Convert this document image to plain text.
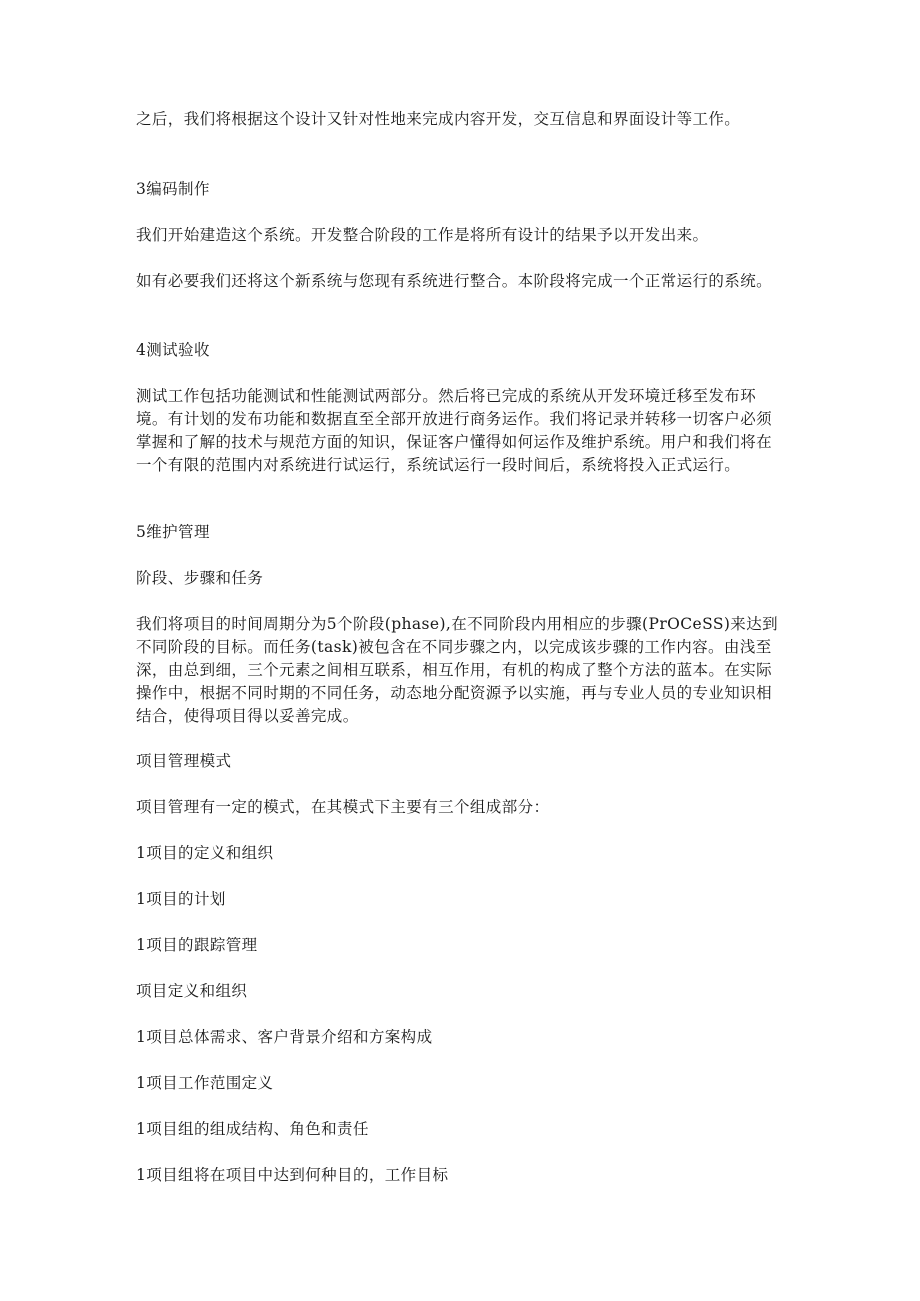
之后，我们将根据这个设计又针对性地来完成内容开发，交互信息和界面设计等工作。

3编码制作

我们开始建造这个系统。开发整合阶段的工作是将所有设计的结果予以开发出来。

如有必要我们还将这个新系统与您现有系统进行整合。本阶段将完成一个正常运行的系统。

4测试验收

测试工作包括功能测试和性能测试两部分。然后将已完成的系统从开发环境迁移至发布环境。有计划的发布功能和数据直至全部开放进行商务运作。我们将记录并转移一切客户必须掌握和了解的技术与规范方面的知识，保证客户懂得如何运作及维护系统。用户和我们将在一个有限的范围内对系统进行试运行，系统试运行一段时间后，系统将投入正式运行。

5维护管理

阶段、步骤和任务

我们将项目的时间周期分为5个阶段(phase),在不同阶段内用相应的步骤(PrOCeSS)来达到不同阶段的目标。而任务(task)被包含在不同步骤之内，以完成该步骤的工作内容。由浅至深，由总到细，三个元素之间相互联系，相互作用，有机的构成了整个方法的蓝本。在实际操作中，根据不同时期的不同任务，动态地分配资源予以实施，再与专业人员的专业知识相结合，使得项目得以妥善完成。

项目管理模式

项目管理有一定的模式，在其模式下主要有三个组成部分：

1项目的定义和组织

1项目的计划

1项目的跟踪管理

项目定义和组织

1项目总体需求、客户背景介绍和方案构成

1项目工作范围定义

1项目组的组成结构、角色和责任

1项目组将在项目中达到何种目的，工作目标
